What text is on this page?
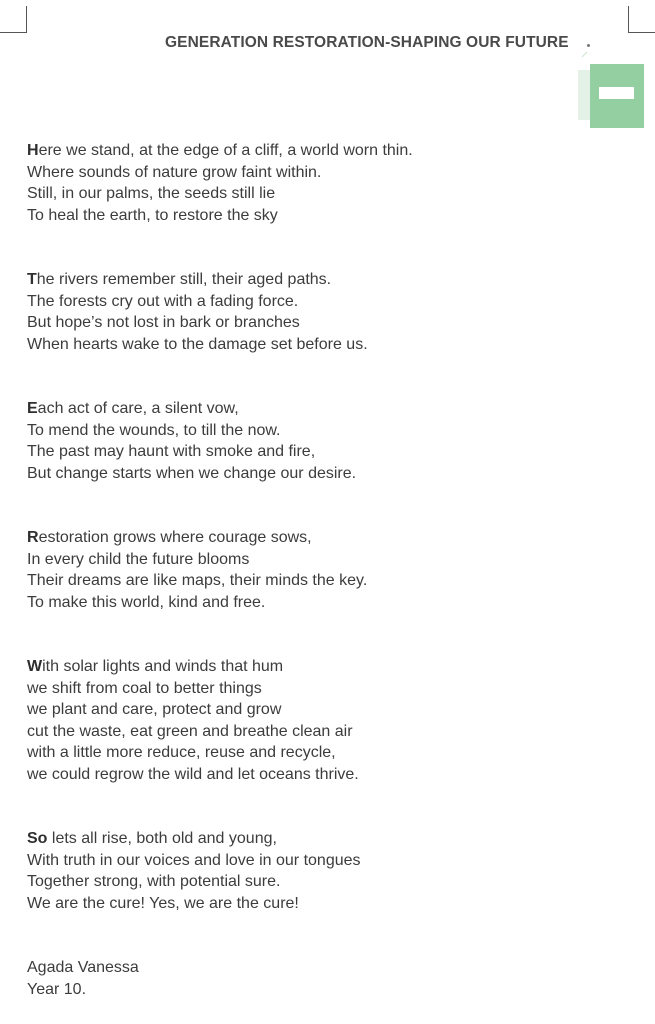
GENERATION RESTORATION-SHAPING OUR FUTURE
Here we stand, at the edge of a cliff, a world worn thin.
Where sounds of nature grow faint within.
Still, in our palms, the seeds still lie
To heal the earth, to restore the sky
The rivers remember still, their aged paths.
The forests cry out with a fading force.
But hope’s not lost in bark or branches
When hearts wake to the damage set before us.
Each act of care, a silent vow,
To mend the wounds, to till the now.
The past may haunt with smoke and fire,
But change starts when we change our desire.
Restoration grows where courage sows,
In every child the future blooms
Their dreams are like maps, their minds the key.
To make this world, kind and free.
With solar lights and winds that hum
we shift from coal to better things
we plant and care, protect and grow
cut the waste, eat green and breathe clean air
with a little more reduce, reuse and recycle,
we could regrow the wild and let oceans thrive.
So lets all rise, both old and young,
With truth in our voices and love in our tongues
Together strong, with potential sure.
We are the cure! Yes, we are the cure!
Agada Vanessa
Year 10.
